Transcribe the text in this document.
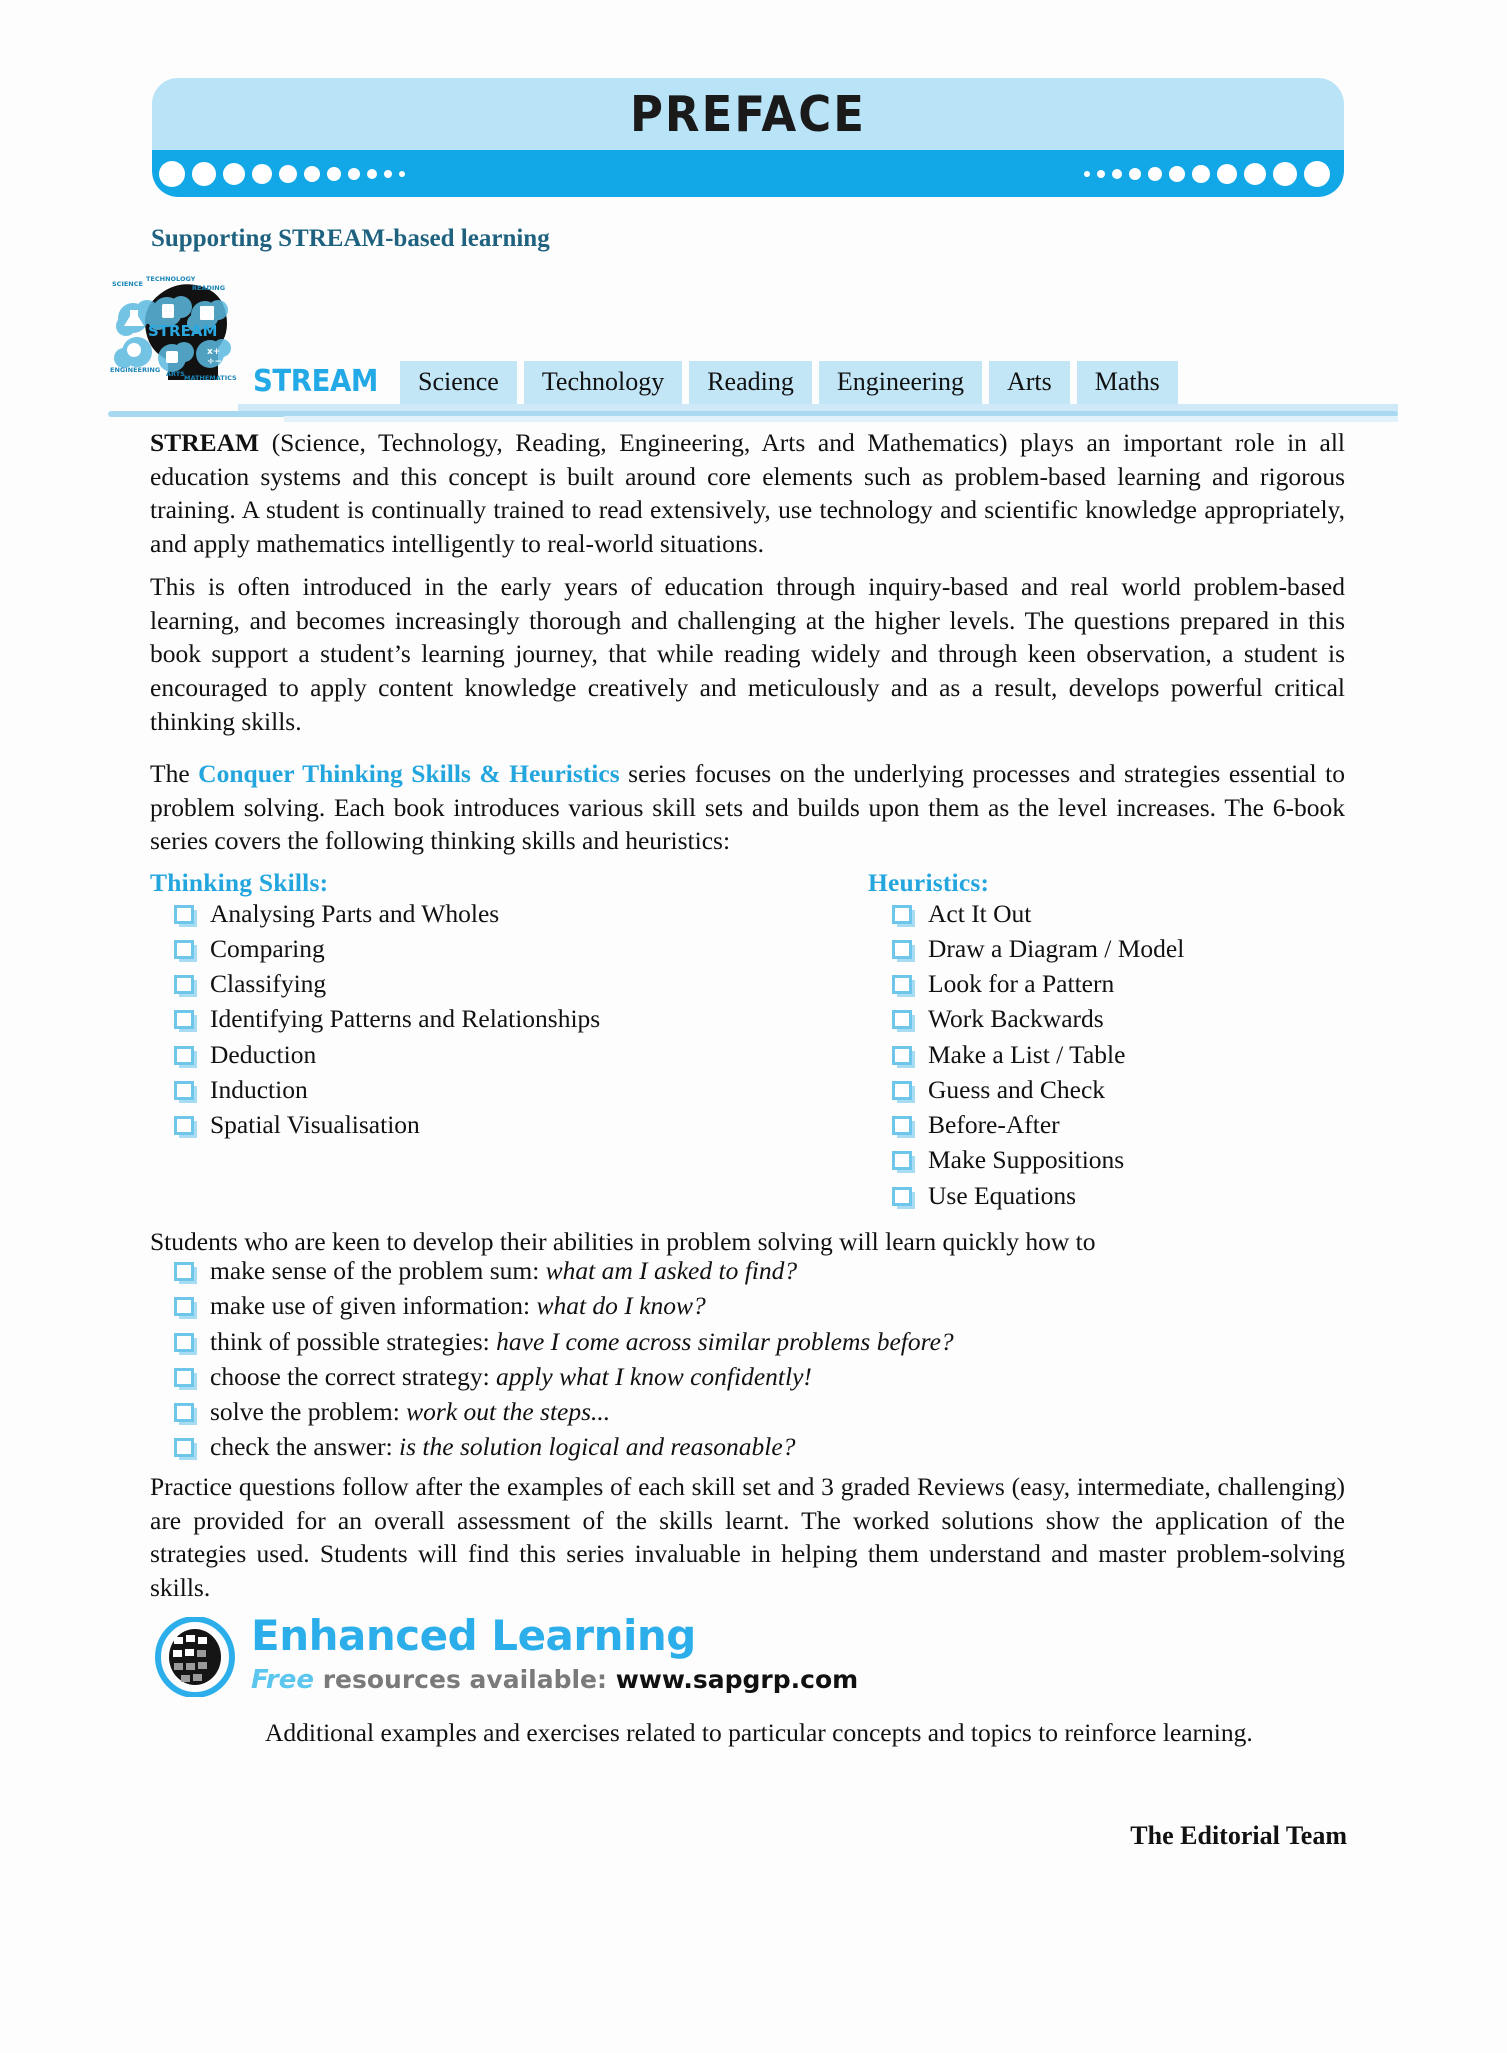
PREFACE
Supporting STREAM-based learning
SCIENCE
TECHNOLOGY
READING
ENGINEERING ARTS MATHEMATICS
STREAM
x+
÷−
STREAM	Science	Technology	Reading	Engineering	Arts	Maths
STREAM (Science, Technology, Reading, Engineering, Arts and Mathematics) plays an important role in all education systems and this concept is built around core elements such as problem-based learning and rigorous training. A student is continually trained to read extensively, use technology and scientific knowledge appropriately, and apply mathematics intelligently to real-world situations.
This is often introduced in the early years of education through inquiry-based and real world problem-based learning, and becomes increasingly thorough and challenging at the higher levels. The questions prepared in this book support a student’s learning journey, that while reading widely and through keen observation, a student is encouraged to apply content knowledge creatively and meticulously and as a result, develops powerful critical thinking skills.
The Conquer Thinking Skills & Heuristics series focuses on the underlying processes and strategies essential to problem solving. Each book introduces various skill sets and builds upon them as the level increases. The 6-book series covers the following thinking skills and heuristics:
Thinking Skills:
Analysing Parts and Wholes
Comparing
Classifying
Identifying Patterns and Relationships
Deduction
Induction
Spatial Visualisation
Heuristics:
Act It Out
Draw a Diagram / Model
Look for a Pattern
Work Backwards
Make a List / Table
Guess and Check
Before-After
Make Suppositions
Use Equations
Students who are keen to develop their abilities in problem solving will learn quickly how to
make sense of the problem sum: what am I asked to find?
make use of given information: what do I know?
think of possible strategies: have I come across similar problems before?
choose the correct strategy: apply what I know confidently!
solve the problem: work out the steps...
check the answer: is the solution logical and reasonable?
Practice questions follow after the examples of each skill set and 3 graded Reviews (easy, intermediate, challenging) are provided for an overall assessment of the skills learnt. The worked solutions show the application of the strategies used. Students will find this series invaluable in helping them understand and master problem-solving skills.
Enhanced Learning
Free resources available: www.sapgrp.com
Additional examples and exercises related to particular concepts and topics to reinforce learning.
The Editorial Team
